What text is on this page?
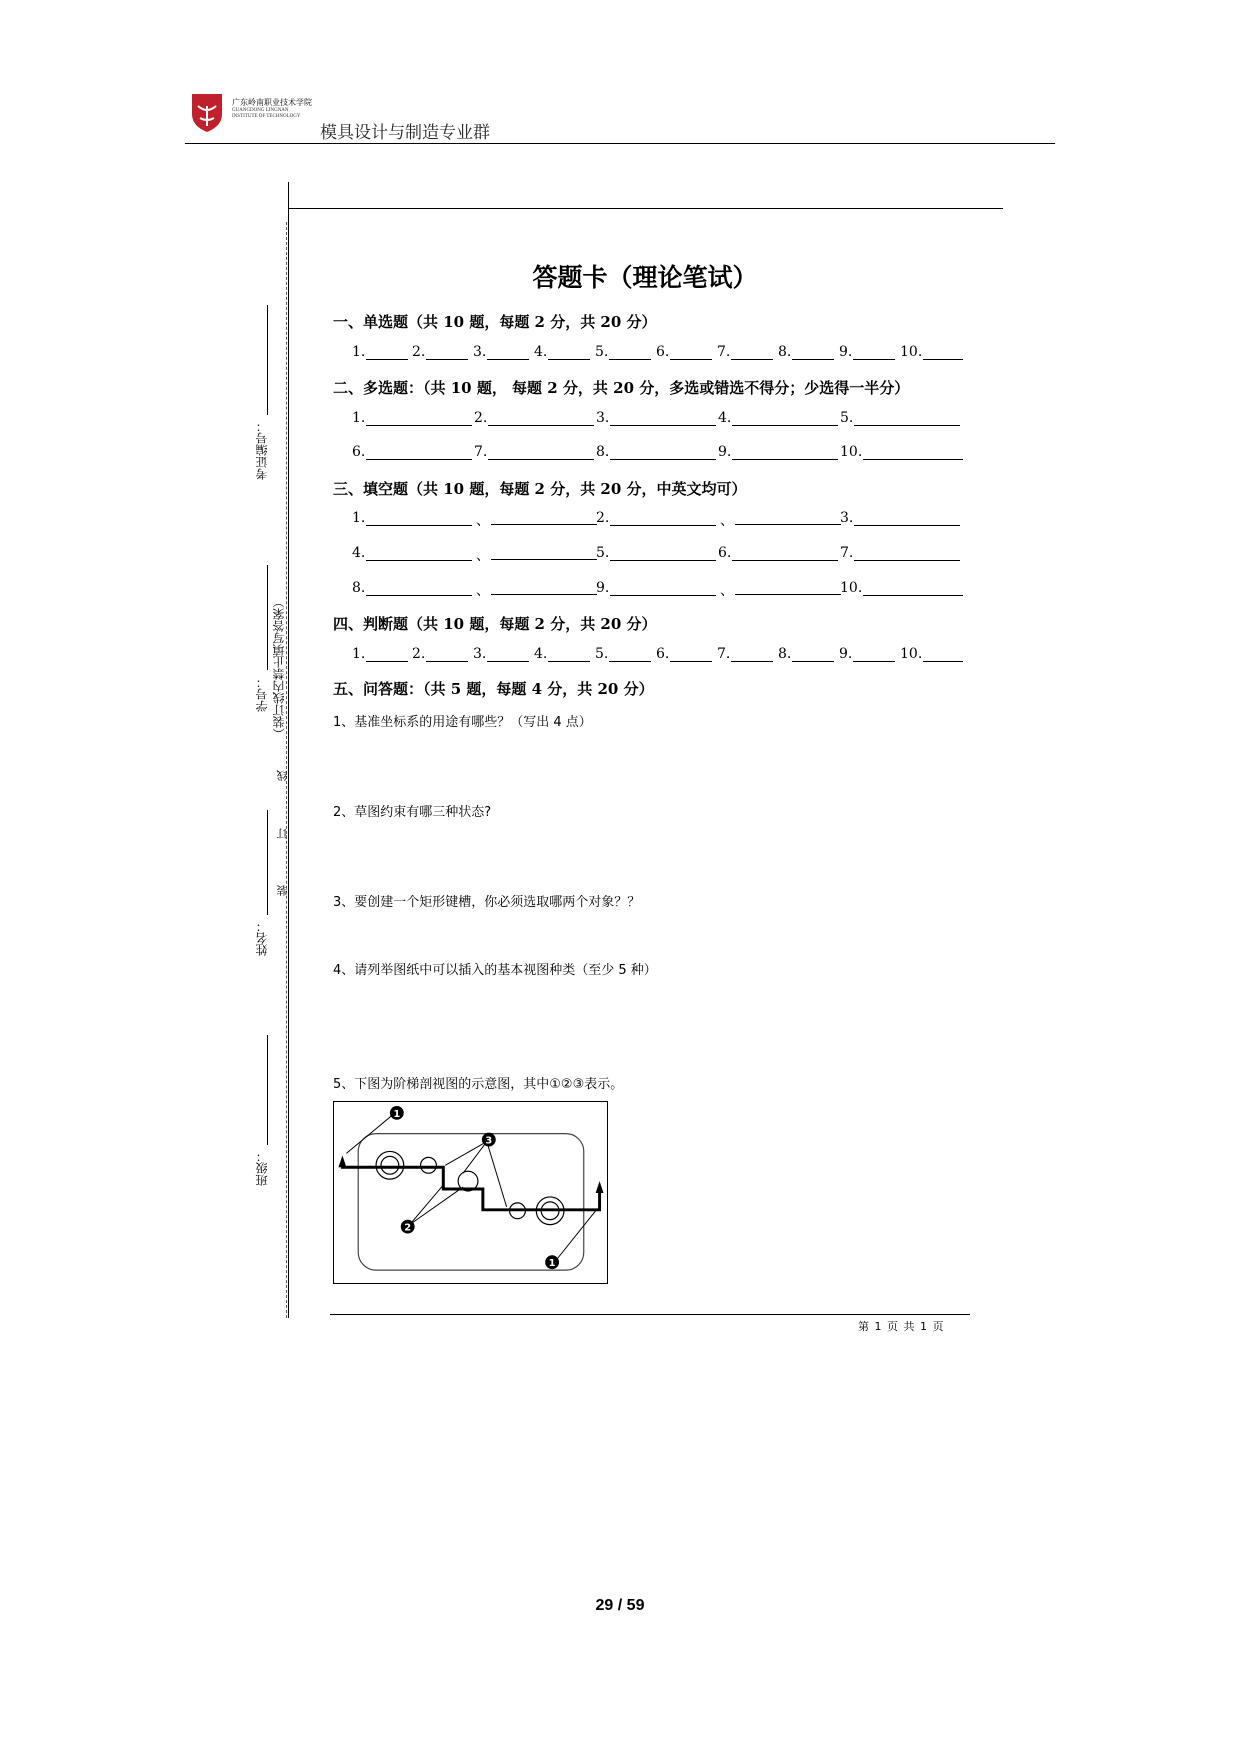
广东岭南职业技术学院
GUANGDONG LINGNAN
INSTITUTE OF TECHNOLOGY
模具设计与制造专业群
考证编号：
学号： （装订线内禁止填写答案）
线
订
装
姓名：
班级：
答题卡（理论笔试）
一、单选题（共 10 题，每题 2 分，共 20 分）
1.	2.	3.	4.	5.	6.	7.	8.	9.	10.
二、多选题：（共 10 题， 每题 2 分，共 20 分，多选或错选不得分；少选得一半分）
1.	2.	3.	4.	5.
6.	7.	8.	9.	10.
三、填空题（共 10 题，每题 2 分，共 20 分，中英文均可）
1.	、	2.	、	3.
4.	、	5.	6.	7.
8.	、	9.	、	10.
四、判断题（共 10 题，每题 2 分，共 20 分）
1.	2.	3.	4.	5.	6.	7.	8.	9.	10.
五、问答题：（共 5 题，每题 4 分，共 20 分）
1、基准坐标系的用途有哪些？（写出 4 点）
2、草图约束有哪三种状态?
3、要创建一个矩形键槽，你必须选取哪两个对象？？
4、请列举图纸中可以插入的基本视图种类（至少 5 种）
5、下图为阶梯剖视图的示意图，其中①②③表示。
1
3
2
1
第 1 页 共 1 页
29 / 59
